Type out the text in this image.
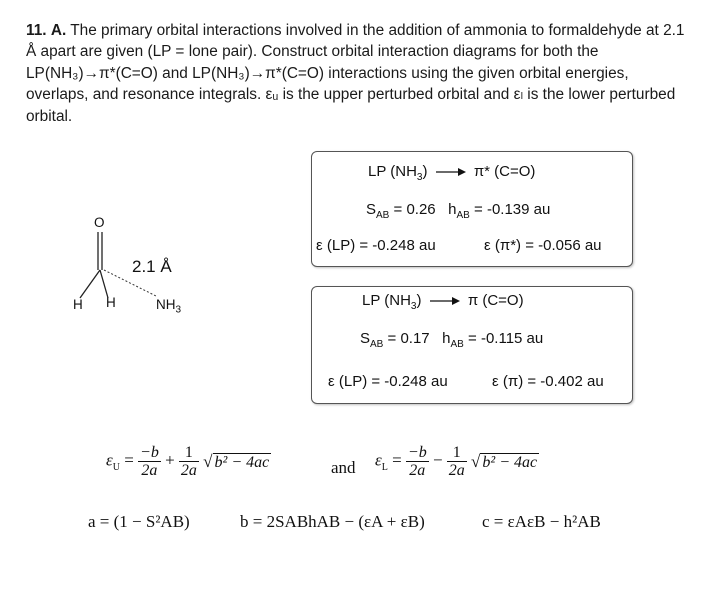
11. A. The primary orbital interactions involved in the addition of ammonia to formaldehyde at 2.1 Å apart are given (LP = lone pair). Construct orbital interaction diagrams for both the LP(NH₃)→π*(C=O) and LP(NH₃)→π*(C=O) interactions using the given orbital energies, overlaps, and resonance integrals. εᵤ is the upper perturbed orbital and εₗ is the lower perturbed orbital.
O
H H	$NH_3$
2.1 Å
LP $(NH_3)$	π* (C=O)
$S_{AB} = 0.26$ $h_{AB} = -0.139$ au
ε (LP) = -0.248 au	ε (π*) = -0.056 au
LP $(NH_3)$	π (C=O)
$S_{AB} = 0.17$ $h_{AB} = -0.115$ au
ε (LP) = -0.248 au	ε (π) = -0.402 au
$\varepsilon_U = \frac{-b}{2a} + \frac{1}{2a}$ √ b² − 4ac	and $\varepsilon_L = \frac{-b}{2a} - \frac{1}{2a}$ √ b² − 4ac
a = (1 − S²AB)	b = 2SABhAB − (εA + εB)	c = εAεB − h²AB
